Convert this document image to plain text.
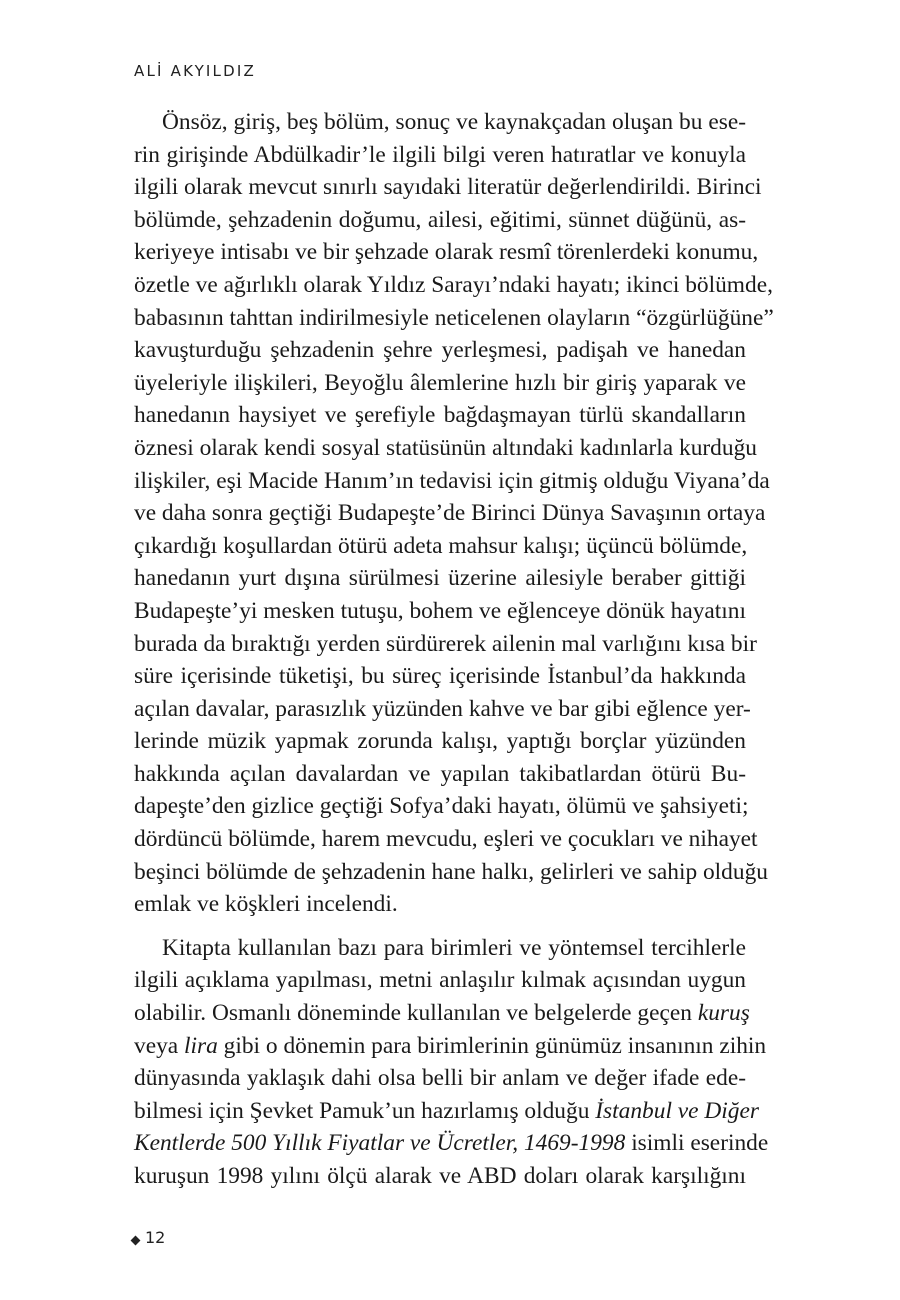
ALİ AKYILDIZ
Önsöz, giriş, beş bölüm, sonuç ve kaynakçadan oluşan bu ese-
rin girişinde Abdülkadir’le ilgili bilgi veren hatıratlar ve konuyla
ilgili olarak mevcut sınırlı sayıdaki literatür değerlendirildi. Birinci
bölümde, şehzadenin doğumu, ailesi, eğitimi, sünnet düğünü, as-
keriyeye intisabı ve bir şehzade olarak resmî törenlerdeki konumu,
özetle ve ağırlıklı olarak Yıldız Sarayı’ndaki hayatı; ikinci bölümde,
babasının tahttan indirilmesiyle neticelenen olayların “özgürlüğüne”
kavuşturduğu şehzadenin şehre yerleşmesi, padişah ve hanedan
üyeleriyle ilişkileri, Beyoğlu âlemlerine hızlı bir giriş yaparak ve
hanedanın haysiyet ve şerefiyle bağdaşmayan türlü skandalların
öznesi olarak kendi sosyal statüsünün altındaki kadınlarla kurduğu
ilişkiler, eşi Macide Hanım’ın tedavisi için gitmiş olduğu Viyana’da
ve daha sonra geçtiği Budapeşte’de Birinci Dünya Savaşının ortaya
çıkardığı koşullardan ötürü adeta mahsur kalışı; üçüncü bölümde,
hanedanın yurt dışına sürülmesi üzerine ailesiyle beraber gittiği
Budapeşte’yi mesken tutuşu, bohem ve eğlenceye dönük hayatını
burada da bıraktığı yerden sürdürerek ailenin mal varlığını kısa bir
süre içerisinde tüketişi, bu süreç içerisinde İstanbul’da hakkında
açılan davalar, parasızlık yüzünden kahve ve bar gibi eğlence yer-
lerinde müzik yapmak zorunda kalışı, yaptığı borçlar yüzünden
hakkında açılan davalardan ve yapılan takibatlardan ötürü Bu-
dapeşte’den gizlice geçtiği Sofya’daki hayatı, ölümü ve şahsiyeti;
dördüncü bölümde, harem mevcudu, eşleri ve çocukları ve nihayet
beşinci bölümde de şehzadenin hane halkı, gelirleri ve sahip olduğu
emlak ve köşkleri incelendi.
Kitapta kullanılan bazı para birimleri ve yöntemsel tercihlerle
ilgili açıklama yapılması, metni anlaşılır kılmak açısından uygun
olabilir. Osmanlı döneminde kullanılan ve belgelerde geçen kuruş
veya lira gibi o dönemin para birimlerinin günümüz insanının zihin
dünyasında yaklaşık dahi olsa belli bir anlam ve değer ifade ede-
bilmesi için Şevket Pamuk’un hazırlamış olduğu İstanbul ve Diğer
Kentlerde 500 Yıllık Fiyatlar ve Ücretler, 1469-1998 isimli eserinde
kuruşun 1998 yılını ölçü alarak ve ABD doları olarak karşılığını
12
